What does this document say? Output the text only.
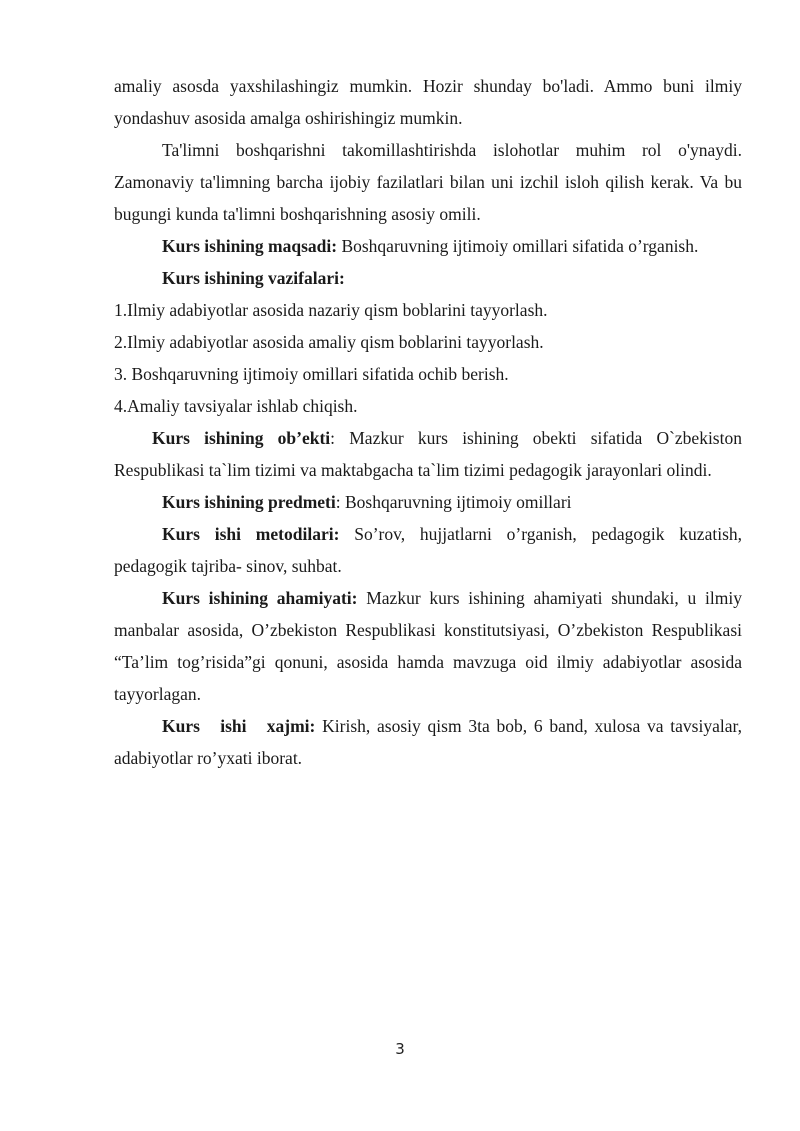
amaliy asosda yaxshilashingiz mumkin. Hozir shunday bo'ladi. Ammo buni ilmiy yondashuv asosida amalga oshirishingiz mumkin.

Ta'limni boshqarishni takomillashtirishda islohotlar muhim rol o'ynaydi. Zamonaviy ta'limning barcha ijobiy fazilatlari bilan uni izchil isloh qilish kerak. Va bu bugungi kunda ta'limni boshqarishning asosiy omili.

Kurs ishining maqsadi: Boshqaruvning ijtimoiy omillari sifatida o’rganish.

Kurs ishining vazifalari:

1.Ilmiy adabiyotlar asosida nazariy qism boblarini tayyorlash.

2.Ilmiy adabiyotlar asosida amaliy qism boblarini tayyorlash.

3. Boshqaruvning ijtimoiy omillari sifatida ochib berish.

4.Amaliy tavsiyalar ishlab chiqish.

Kurs ishining ob’ekti: Mazkur kurs ishining obekti sifatida O`zbekiston Respublikasi ta`lim tizimi va maktabgacha ta`lim tizimi pedagogik jarayonlari olindi.

Kurs ishining predmeti: Boshqaruvning ijtimoiy omillari

Kurs ishi metodilari: So’rov, hujjatlarni o’rganish, pedagogik kuzatish, pedagogik tajriba- sinov, suhbat.

Kurs ishining ahamiyati: Mazkur kurs ishining ahamiyati shundaki, u ilmiy manbalar asosida, O’zbekiston Respublikasi konstitutsiyasi, O’zbekiston Respublikasi “Ta’lim tog’risida”gi qonuni, asosida hamda mavzuga oid ilmiy adabiyotlar asosida tayyorlagan.

Kurs   ishi   xajmi: Kirish, asosiy qism 3ta bob, 6 band, xulosa va tavsiyalar, adabiyotlar ro’yxati iborat.

3
